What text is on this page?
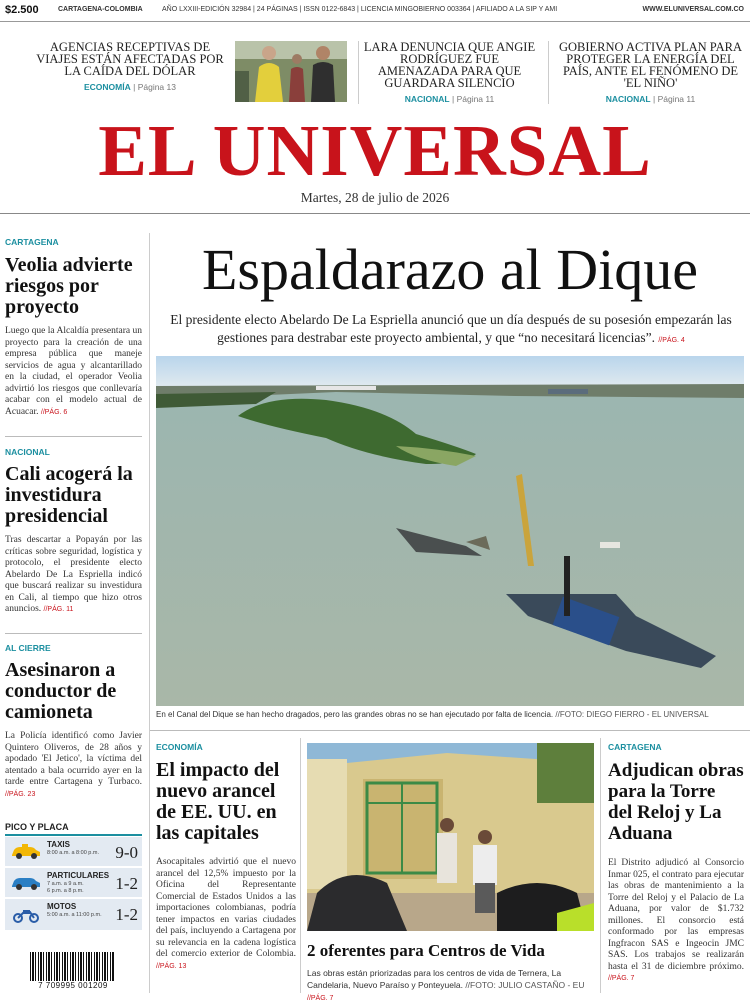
$2.500	CARTAGENA-COLOMBIA	AÑO LXXIII-EDICIÓN 32984 | 24 PÁGINAS | ISSN 0122-6843 | LICENCIA MINGOBIERNO 003364 | AFILIADO A LA SIP Y AMI	WWW.ELUNIVERSAL.COM.CO
AGENCIAS RECEPTIVAS DE VIAJES ESTÁN AFECTADAS POR LA CAÍDA DEL DÓLAR
ECONOMÍA | Página 13
LARA DENUNCIA QUE ANGIE RODRÍGUEZ FUE AMENAZADA PARA QUE GUARDARA SILENCIO
NACIONAL | Página 11
GOBIERNO ACTIVA PLAN PARA PROTEGER LA ENERGÍA DEL PAÍS, ANTE EL FENÓMENO DE 'EL NIÑO'
NACIONAL | Página 11
EL UNIVERSAL
Martes, 28 de julio de 2026
CARTAGENA
Veolia advierte riesgos por proyecto
Luego que la Alcaldía presentara un proyecto para la creación de una empresa pública que maneje servicios de agua y alcantarillado en la ciudad, el operador Veolia advirtió los riesgos que conllevaría acabar con el modelo actual de Acuacar. //PÁG. 6
NACIONAL
Cali acogerá la investidura presidencial
Tras descartar a Popayán por las críticas sobre seguridad, logística y protocolo, el presidente electo Abelardo De La Espriella indicó que buscará realizar su investidura en Cali, al tiempo que hizo otros anuncios. //PÁG. 11
AL CIERRE
Asesinaron a conductor de camioneta
La Policía identificó como Javier Quintero Oliveros, de 28 años y apodado 'El Jetico', la víctima del atentado a bala ocurrido ayer en la tarde entre Cartagena y Turbaco. //PÁG. 23
PICO Y PLACA
TAXIS
8:00 a.m. a 8:00 p.m. 9-0
PARTICULARES
7 a.m. a 9 a.m.
6 p.m. a 8 p.m. 1-2
MOTOS
5:00 a.m. a 11:00 p.m. 1-2
7 709995 001209
Espaldarazo al Dique
El presidente electo Abelardo De La Espriella anunció que un día después de su posesión empezarán las gestiones para destrabar este proyecto ambiental, y que “no necesitará licencias”. //PÁG. 4
En el Canal del Dique se han hecho dragados, pero las grandes obras no se han ejecutado por falta de licencia. //FOTO: DIEGO FIERRO - EL UNIVERSAL
ECONOMÍA
El impacto del nuevo arancel de EE. UU. en las capitales
Asocapitales advirtió que el nuevo arancel del 12,5% impuesto por la Oficina del Representante Comercial de Estados Unidos a las importaciones colombianas, podría tener impactos en varias ciudades del país, incluyendo a Cartagena por su relevancia en la cadena logística del comercio exterior de Colombia. //PÁG. 13
2 oferentes para Centros de Vida
Las obras están priorizadas para los centros de vida de Ternera, La Candelaria, Nuevo Paraíso y Ponteyuela. //FOTO: JULIO CASTAÑO - EU //PÁG. 7
CARTAGENA
Adjudican obras para la Torre del Reloj y La Aduana
El Distrito adjudicó al Consorcio Inmar 025, el contrato para ejecutar las obras de mantenimiento a la Torre del Reloj y el Palacio de La Aduana, por valor de $1.732 millones. El consorcio está conformado por las empresas Ingfracon SAS e Ingeocin JMC SAS. Los trabajos se realizarán hasta el 31 de diciembre próximo. //PÁG. 7
